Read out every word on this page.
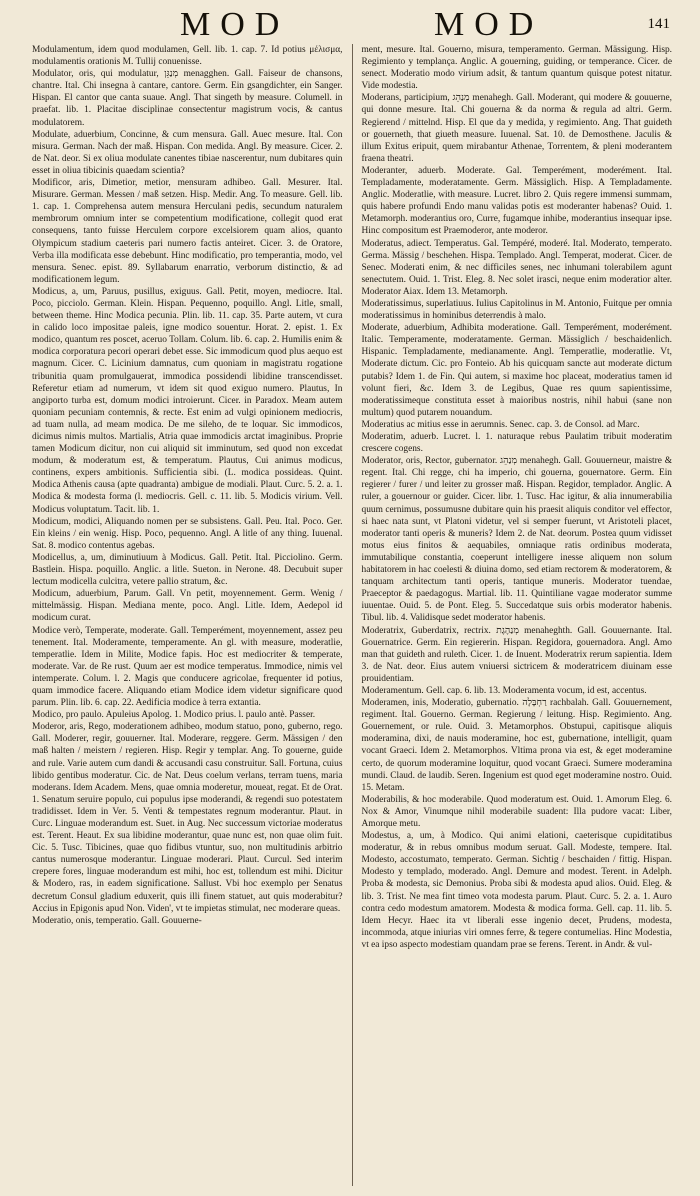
MOD	MOD	141

Modulamentum, idem quod modulamen, Gell. lib. 1. cap. 7. Id potius μέλισμα, modulamentis orationis M. Tullij conuenisse.

Modulator, oris, qui modulatur, מְנַגֵּן menagghen. Gall. Faiseur de chansons, chantre. Ital. Chi insegna à cantare, cantore. Germ. Ein gsangdichter, ein Sanger. Hispan. El cantor que canta suaue. Angl. That singeth by measure. Columell. in praefat. lib. 1. Placitae disciplinae consectentur magistrum vocis, & cantus modulatorem.

Modulate, aduerbium, Concinne, & cum mensura. Gall. Auec mesure. Ital. Con misura. German. Nach der maß. Hispan. Con medida. Angl. By measure. Cicer. 2. de Nat. deor. Si ex oliua modulate canentes tibiae nascerentur, num dubitares quin esset in oliua tibicinis quaedam scientia?

Modificor, aris, Dimetior, metior, mensuram adhibeo. Gall. Mesurer. Ital. Misurare. German. Messen / maß setzen. Hisp. Medir. Ang. To measure. Gell. lib. 1. cap. 1. Comprehensa autem mensura Herculani pedis, secundum naturalem membrorum omnium inter se competentium modificatione, collegit quod erat consequens, tanto fuisse Herculem corpore excelsiorem quam alios, quanto Olympicum stadium caeteris pari numero factis anteiret. Cicer. 3. de Oratore, Verba illa modificata esse debebunt. Hinc modificatio, pro temperantia, modo, vel mensura. Senec. epist. 89. Syllabarum enarratio, verborum distinctio, & ad modificationem legum.

Modicus, a, um, Paruus, pusillus, exiguus. Gall. Petit, moyen, mediocre. Ital. Poco, picciolo. German. Klein. Hispan. Pequenno, poquillo. Angl. Litle, small, between theme. Hinc Modica pecunia. Plin. lib. 11. cap. 35. Parte autem, vt cura in calido loco impositae paleis, igne modico souentur. Horat. 2. epist. 1. Ex modico, quantum res poscet, aceruo Tollam. Colum. lib. 6. cap. 2. Humilis enim & modica corporatura pecori operari debet esse. Sic immodicum quod plus aequo est magnum. Cicer. C. Licinium damnatus, cum quoniam in magistratu rogatione tribunitia quam promulgauerat, immodica possidendi libidine transcendisset. Referetur etiam ad numerum, vt idem sit quod exiguo numero. Plautus, In angiporto turba est, domum modici introierunt. Cicer. in Paradox. Meam autem quoniam pecuniam contemnis, & recte. Est enim ad vulgi opinionem mediocris, ad tuam nulla, ad meam modica. De me sileho, de te loquar. Sic immodicos, dicimus nimis multos. Martialis, Atria quae immodicis arctat imaginibus. Proprie tamen Modicum dicitur, non cui aliquid sit imminutum, sed quod non excedat modum, & moderatum est, & temperatum. Plautus, Cui animus modicus, continens, expers ambitionis. Sufficientia sibi. (L. modica possideas. Quint. Modica Athenis causa (apte quadranta) ambigue de modiali. Plaut. Curc. 5. 2. a. 1. Modica & modesta forma (l. mediocris. Gell. c. 11. lib. 5. Modicis virium. Vell. Modicus voluptatum. Tacit. lib. 1.

Modicum, modici, Aliquando nomen per se subsistens. Gall. Peu. Ital. Poco. Ger. Ein kleins / ein wenig. Hisp. Poco, pequenno. Angl. A litle of any thing. Iuuenal. Sat. 8. modico contentus agebas.

Modicellus, a, um, diminutiuum à Modicus. Gall. Petit. Ital. Picciolino. Germ. Bastlein. Hispa. poquillo. Anglic. a litle. Sueton. in Nerone. 48. Decubuit super lectum modicella culcitra, vetere pallio stratum, &c.

Modicum, aduerbium, Parum. Gall. Vn petit, moyennement. Germ. Wenig / mittelmässig. Hispan. Mediana mente, poco. Angl. Litle. Idem, Aedepol id modicum curat.

Modice verò, Temperate, moderate. Gall. Temperément, moyennement, assez peu tenement. Ital. Moderamente, temperamente. An gl. with measure, moderatlie, temperatlie. Idem in Milite, Modice fapis. Hoc est mediocriter & temperate, moderate. Var. de Re rust. Quum aer est modice temperatus. Immodice, nimis vel intemperate. Colum. l. 2. Magis que conducere agricolae, frequenter id potius, quam immodice facere. Aliquando etiam Modice idem videtur significare quod parum. Plin. lib. 6. cap. 22. Aedificia modice à terra extantia.

Modico, pro paulo. Apuleius Apolog. 1. Modico prius. l. paulo antè. Passer.

Moderor, aris, Rego, moderationem adhibeo, modum statuo, pono, guberno, rego. Gall. Moderer, regir, gouuerner. Ital. Moderare, reggere. Germ. Mässigen / den maß halten / meistern / regieren. Hisp. Regir y templar. Ang. To gouerne, guide and rule. Varie autem cum dandi & accusandi casu construitur. Sall. Fortuna, cuius libido gentibus moderatur. Cic. de Nat. Deus coelum verlans, terram tuens, maria moderans. Idem Academ. Mens, quae omnia moderetur, moueat, regat. Et de Orat. 1. Senatum seruire populo, cui populus ipse moderandi, & regendi suo potestatem tradidisset. Idem in Ver. 5. Venti & tempestates regnum moderantur. Plaut. in Curc. Linguae moderandum est. Suet. in Aug. Nec successum victoriae moderatus est. Terent. Heaut. Ex sua libidine moderantur, quae nunc est, non quae olim fuit. Cic. 5. Tusc. Tibicines, quae quo fidibus vtuntur, suo, non multitudinis arbitrio cantus numerosque moderantur. Linguae moderari. Plaut. Curcul. Sed interim crepere fores, linguae moderandum est mihi, hoc est, tollendum est mihi. Dicitur & Modero, ras, in eadem significatione. Sallust. Vbi hoc exemplo per Senatus decretum Consul gladium eduxerit, quis illi finem statuet, aut quis moderabitur? Accius in Epigonis apud Non. Viden', vt te impietas stimulat, nec moderare queas.

Moderatio, onis, temperatio. Gall. Gouuerne-

ment, mesure. Ital. Gouerno, misura, temperamento. German. Mässigung. Hisp. Regimiento y templança. Anglic. A gouerning, guiding, or temperance. Cicer. de senect. Moderatio modo virium adsit, & tantum quantum quisque potest nitatur. Vide modestia.

Moderans, participium, מְנַהֵג menahegh. Gall. Moderant, qui modere & gouuerne, qui donne mesure. Ital. Chi gouerna & da norma & regula ad altri. Germ. Regierend / mittelnd. Hisp. El que da y medida, y regimiento. Ang. That guideth or gouerneth, that giueth measure. Iuuenal. Sat. 10. de Demosthene. Jaculis & illum Exitus eripuit, quem mirabantur Athenae, Torrentem, & pleni moderantem fraena theatri.

Moderanter, aduerb. Moderate. Gal. Temperément, moderément. Ital. Templadamente, moderatamente. Germ. Mässiglich. Hisp. A Templadamente. Anglic. Moderatlie, with measure. Lucret. libro 2. Quis regere immensi summam, quis habere profundi Endo manu validas potis est moderanter habenas? Ouid. 1. Metamorph. moderantius oro, Curre, fugamque inhibe, moderantius insequar ipse. Hinc compositum est Praemoderor, ante moderor.

Moderatus, adiect. Temperatus. Gal. Tempéré, moderé. Ital. Moderato, temperato. Germa. Mässig / beschehen. Hispa. Templado. Angl. Temperat, moderat. Cicer. de Senec. Moderati enim, & nec difficiles senes, nec inhumani tolerabilem agunt senectutem. Ouid. 1. Trist. Eleg. 8. Nec solet irasci, neque enim moderatior alter. Moderator Aiax. Idem 13. Metamorph.

Moderatissimus, superlatiuus. Iulius Capitolinus in M. Antonio, Fuitque per omnia moderatissimus in hominibus deterrendis à malo.

Moderate, aduerbium, Adhibita moderatione. Gall. Temperément, moderément. Italic. Temperamente, moderatamente. German. Mässiglich / beschaidenlich. Hispanic. Templadamente, medianamente. Angl. Temperatlie, moderatlie. Vt, Moderate dictum. Cic. pro Fonteio. Ab his quicquam sancte aut moderate dictum putabis? Idem 1. de Fin. Qui autem, si maxime hoc placeat, moderatius tamen id volunt fieri, &c. Idem 3. de Legibus, Quae res quum sapientissime, moderatissimeque constituta esset à maioribus nostris, nihil habui (sane non multum) quod putarem nouandum.

Moderatius ac mitius esse in aerumnis. Senec. cap. 3. de Consol. ad Marc.

Moderatim, aduerb. Lucret. l. 1. naturaque rebus Paulatim tribuit moderatim crescere cogens.

Moderator, oris, Rector, gubernator. מְנַהֵג menahegh. Gall. Gouuerneur, maistre & regent. Ital. Chi regge, chi ha imperio, chi gouerna, gouernatore. Germ. Ein regierer / furer / und leiter zu grosser maß. Hispan. Regidor, templador. Anglic. A ruler, a gouernour or guider. Cicer. libr. 1. Tusc. Hac igitur, & alia innumerabilia quum cernimus, possumusne dubitare quin his praesit aliquis conditor vel effector, si haec nata sunt, vt Platoni videtur, vel si semper fuerunt, vt Aristoteli placet, moderator tanti operis & muneris? Idem 2. de Nat. deorum. Postea quum vidisset motus eius finitos & aequabiles, omniaque ratis ordinibus moderata, immutabilique constantia, coeperunt intelligere inesse aliquem non solum habitatorem in hac coelesti & diuina domo, sed etiam rectorem & moderatorem, & tanquam architectum tanti operis, tantique muneris. Moderator tuendae, Praeceptor & paedagogus. Martial. lib. 11. Quintiliane vagae moderator summe iuuentae. Ouid. 5. de Pont. Eleg. 5. Succedatque suis orbis moderator habenis. Tibul. lib. 4. Validisque sedet moderator habenis.

Moderatrix, Guberdatrix, rectrix. מְנַהֶגֶת menaheghth. Gall. Gouuernante. Ital. Gouernatrice. Germ. Ein regiererin. Hispan. Regidora, gouernadora. Angl. Amo man that guideth and ruleth. Cicer. 1. de Inuent. Moderatrix rerum sapientia. Idem 3. de Nat. deor. Eius autem vniuersi sictricem & moderatricem diuinam esse prouidentiam.

Moderamentum. Gell. cap. 6. lib. 13. Moderamenta vocum, id est, accentus.

Moderamen, inis, Moderatio, gubernatio. רַחְבָּלָה rachbalah. Gall. Gouuernement, regiment. Ital. Gouerno. German. Regierung / leitung. Hisp. Regimiento. Ang. Gouernement, or rule. Ouid. 3. Metamorphos. Obstupui, capitisque aliquis moderamina, dixi, de nauis moderamine, hoc est, gubernatione, intelligit, quam vocant Graeci. Idem 2. Metamorphos. Vltima prona via est, & eget moderamine certo, de quorum moderamine loquitur, quod vocant Graeci. Sumere moderamina mundi. Claud. de laudib. Seren. Ingenium est quod eget moderamine nostro. Ouid. 15. Metam.

Moderabilis, & hoc moderabile. Quod moderatum est. Ouid. 1. Amorum Eleg. 6. Nox & Amor, Vinumque nihil moderabile suadent: Illa pudore vacat: Liber, Amorque metu.

Modestus, a, um, à Modico. Qui animi elationi, caeterisque cupiditatibus moderatur, & in rebus omnibus modum seruat. Gall. Modeste, tempere. Ital. Modesto, accostumato, temperato. German. Sichtig / beschaiden / fittig. Hispan. Modesto y templado, moderado. Angl. Demure and modest. Terent. in Adelph. Proba & modesta, sic Demonius. Proba sibi & modesta apud alios. Ouid. Eleg. & lib. 3. Trist. Ne mea fint timeo vota modesta parum. Plaut. Curc. 5. 2. a. 1. Auro contra cedo modestum amatorem. Modesta & modica forma. Gell. cap. 11. lib. 5. Idem Hecyr. Haec ita vt liberali esse ingenio decet, Prudens, modesta, incommoda, atque iniurias viri omnes ferre, & tegere contumelias. Hinc Modestia, vt ea ipso aspecto modestiam quandam prae se ferens. Terent. in Andr. & vul-
